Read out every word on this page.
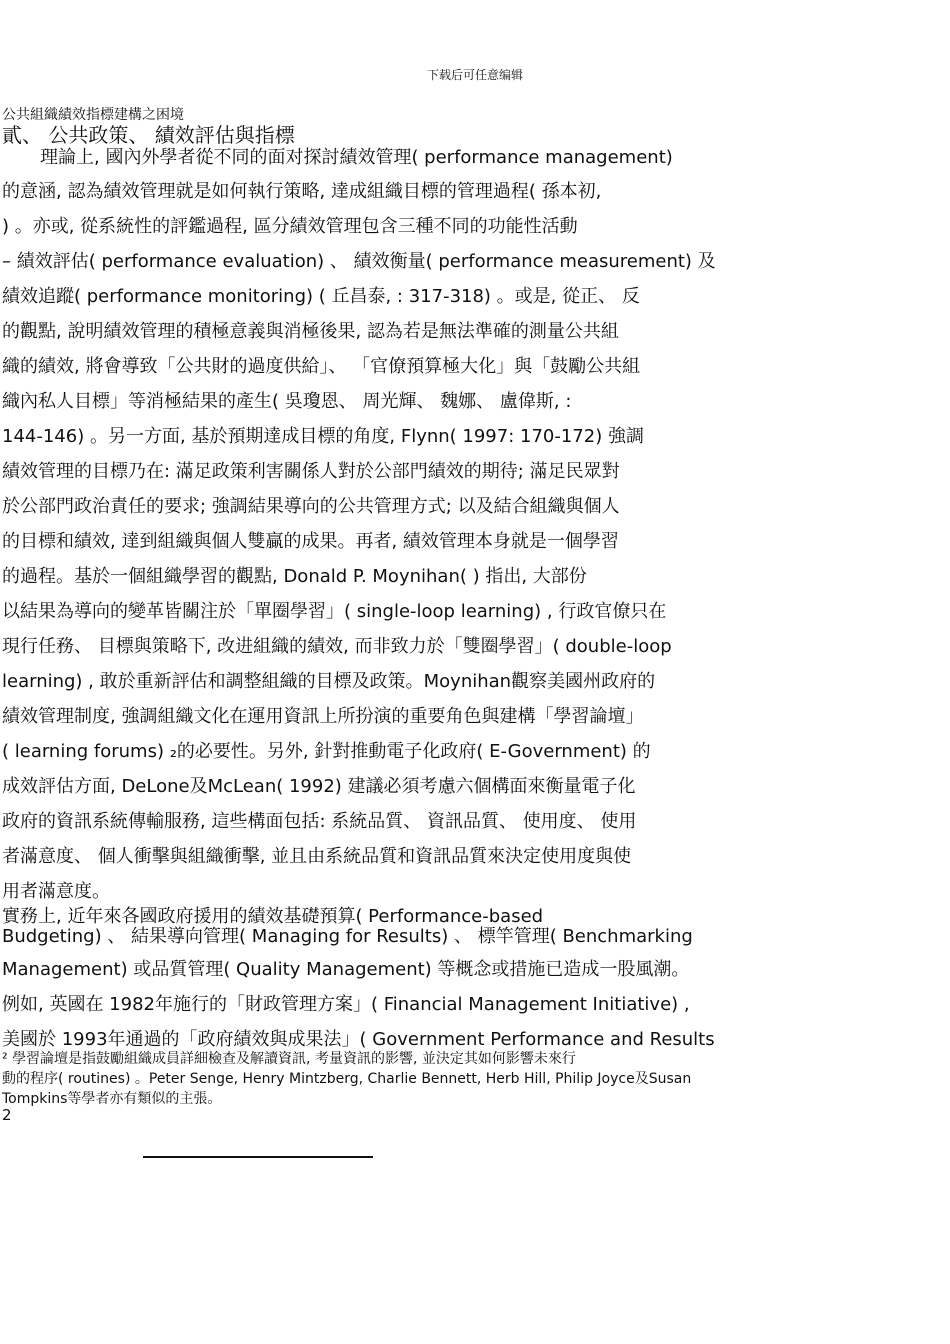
下载后可任意编辑
公共組織績效指標建構之困境
貳、 公共政策、 績效評估與指標
理論上, 國內外學者從不同的面对探討績效管理( performance management)
的意涵, 認為績效管理就是如何執行策略, 達成組織目標的管理過程( 孫本初,
) 。亦或, 從系統性的評鑑過程, 區分績效管理包含三種不同的功能性活動
– 績效評估( performance evaluation) 、 績效衡量( performance measurement) 及
績效追蹤( performance monitoring) ( 丘昌泰, : 317-318) 。或是, 從正、 反
的觀點, 說明績效管理的積極意義與消極後果, 認為若是無法準確的測量公共組
織的績效, 將會導致「公共財的過度供給」、 「官僚預算極大化」與「鼓勵公共組
織內私人目標」等消極結果的產生( 吳瓊恩、 周光輝、 魏娜、 盧偉斯, :
144-146) 。另一方面, 基於預期達成目標的角度, Flynn( 1997: 170-172) 強調
績效管理的目標乃在: 滿足政策利害關係人對於公部門績效的期待; 滿足民眾對
於公部門政治責任的要求; 強調結果導向的公共管理方式; 以及結合組織與個人
的目標和績效, 達到組織與個人雙贏的成果。再者, 績效管理本身就是一個學習
的過程。基於一個組織學習的觀點, Donald P. Moynihan( ) 指出, 大部份
以結果為導向的變革皆關注於「單圈學習」( single-loop learning) , 行政官僚只在
現行任務、 目標與策略下, 改进組織的績效, 而非致力於「雙圈學習」( double-loop
learning) , 敢於重新評估和調整組織的目標及政策。Moynihan觀察美國州政府的
績效管理制度, 強調組織文化在運用資訊上所扮演的重要角色與建構「學習論壇」
( learning forums) ₂的必要性。另外, 針對推動電子化政府( E-Government) 的
成效評估方面, DeLone及McLean( 1992) 建議必須考慮六個構面來衡量電子化
政府的資訊系統傳輸服務, 這些構面包括: 系統品質、 資訊品質、 使用度、 使用
者滿意度、 個人衝擊與組織衝擊, 並且由系統品質和資訊品質來決定使用度與使
用者滿意度。
實務上, 近年來各國政府援用的績效基礎預算( Performance-based
Budgeting) 、 結果導向管理( Managing for Results) 、 標竿管理( Benchmarking
Management) 或品質管理( Quality Management) 等概念或措施已造成一股風潮。
例如, 英國在 1982年施行的「財政管理方案」( Financial Management Initiative) ,
美國於 1993年通過的「政府績效與成果法」( Government Performance and Results
² 學習論壇是指鼓勵組織成員詳細檢查及解讀資訊, 考量資訊的影響, 並決定其如何影響未來行
動的程序( routines) 。Peter Senge, Henry Mintzberg, Charlie Bennett, Herb Hill, Philip Joyce及Susan
Tompkins等學者亦有類似的主張。
2
